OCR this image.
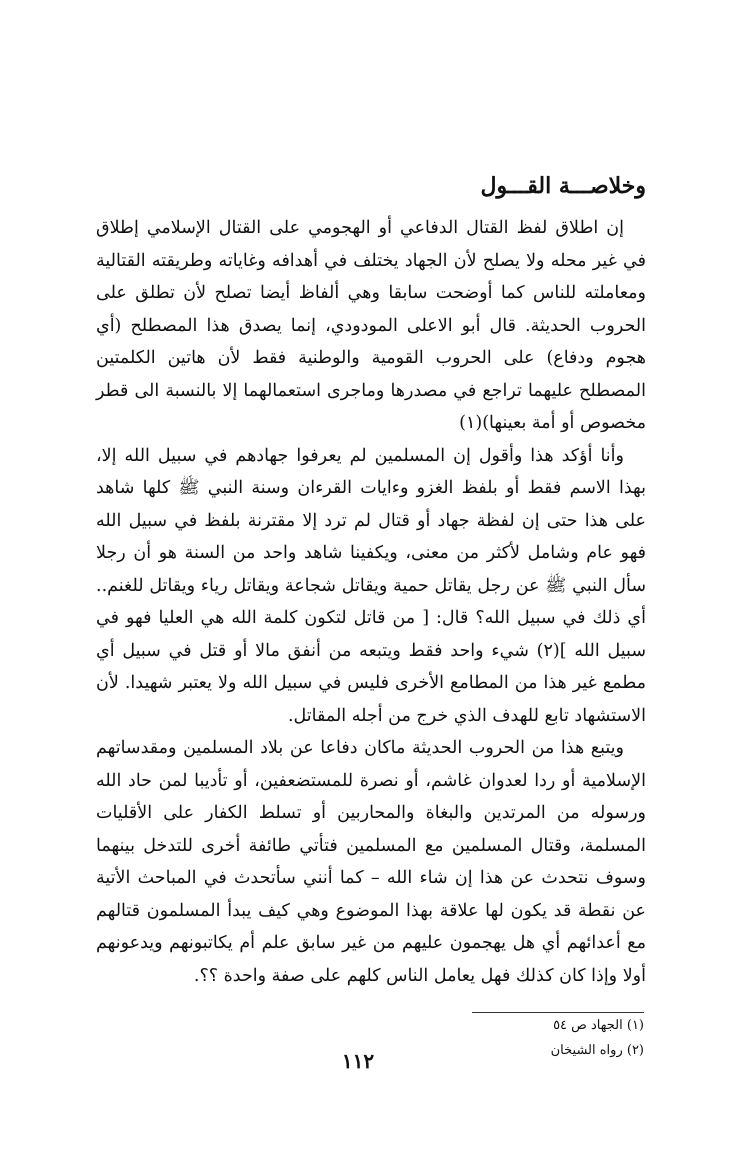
وخلاصـــة القـــول

إن اطلاق لفظ القتال الدفاعي أو الهجومي على القتال الإسلامي إطلاق في غير محله ولا يصلح لأن الجهاد يختلف في أهدافه وغاياته وطريقته القتالية ومعاملته للناس كما أوضحت سابقا وهي ألفاظ أيضا تصلح لأن تطلق على الحروب الحديثة. قال أبو الاعلى المودودي، إنما يصدق هذا المصطلح (أي هجوم ودفاع) على الحروب القومية والوطنية فقط لأن هاتين الكلمتين المصطلح عليهما تراجع في مصدرها وماجرى استعمالهما إلا بالنسبة الى قطر مخصوص أو أمة بعينها)(١)

وأنا أؤكد هذا وأقول إن المسلمين لم يعرفوا جهادهم في سبيل الله إلا، بهذا الاسم فقط أو بلفظ الغزو وءايات القرءان وسنة النبي ﷺ كلها شاهد على هذا حتى إن لفظة جهاد أو قتال لم ترد إلا مقترنة بلفظ في سبيل الله فهو عام وشامل لأكثر من معنى، ويكفينا شاهد واحد من السنة هو أن رجلا سأل النبي ﷺ عن رجل يقاتل حمية ويقاتل شجاعة ويقاتل رياء ويقاتل للغنم.. أي ذلك في سبيل الله؟ قال: [ من قاتل لتكون كلمة الله هي العليا فهو في سبيل الله ](٢) شيء واحد فقط ويتبعه من أنفق مالا أو قتل في سبيل أي مطمع غير هذا من المطامع الأخرى فليس في سبيل الله ولا يعتبر شهيدا. لأن الاستشهاد تابع للهدف الذي خرج من أجله المقاتل.

ويتبع هذا من الحروب الحديثة ماكان دفاعا عن بلاد المسلمين ومقدساتهم الإسلامية أو ردا لعدوان غاشم، أو نصرة للمستضعفين، أو تأديبا لمن حاد الله ورسوله من المرتدين والبغاة والمحاربين أو تسلط الكفار على الأقليات المسلمة، وقتال المسلمين مع المسلمين فتأتي طائفة أخرى للتدخل بينهما وسوف نتحدث عن هذا إن شاء الله – كما أنني سأتحدث في المباحث الأتية عن نقطة قد يكون لها علاقة بهذا الموضوع وهي كيف يبدأ المسلمون قتالهم مع أعدائهم أي هل يهجمون عليهم من غير سابق علم أم يكاتبونهم ويدعونهم أولا وإذا كان كذلك فهل يعامل الناس كلهم على صفة واحدة ؟؟.

(١) الجهاد ص ٥٤
(٢) رواه الشيخان
١١٢
